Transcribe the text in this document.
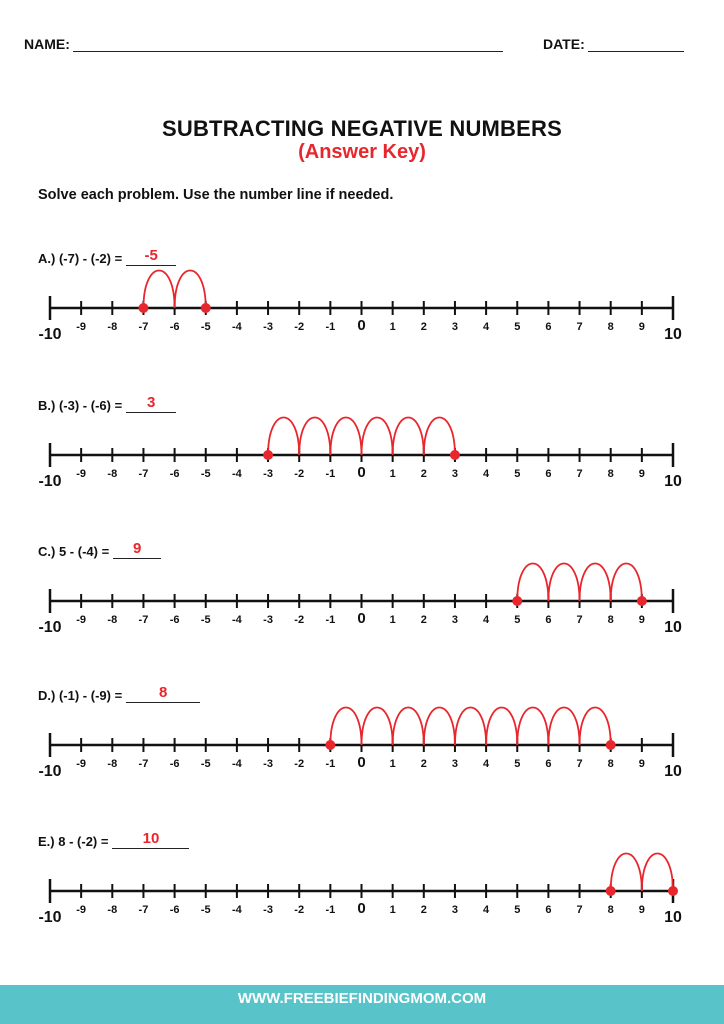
NAME:	DATE:
SUBTRACTING NEGATIVE NUMBERS
(Answer Key)
Solve each problem. Use the number line if needed.
A.) (-7) - (-2) =	-5
-10 -9 -8 -7 -6 -5 -4 -3 -2 -1 0 1 2 3 4 5 6 7 8 9 10
B.) (-3) - (-6) =	3
-10 -9 -8 -7 -6 -5 -4 -3 -2 -1 0 1 2 3 4 5 6 7 8 9 10
C.) 5 - (-4) =	9
-10 -9 -8 -7 -6 -5 -4 -3 -2 -1 0 1 2 3 4 5 6 7 8 9 10
D.) (-1) - (-9) =	8
-10 -9 -8 -7 -6 -5 -4 -3 -2 -1 0 1 2 3 4 5 6 7 8 9 10
E.) 8 - (-2) =	10
-10 -9 -8 -7 -6 -5 -4 -3 -2 -1 0 1 2 3 4 5 6 7 8 9 10
WWW.FREEBIEFINDINGMOM.COM
